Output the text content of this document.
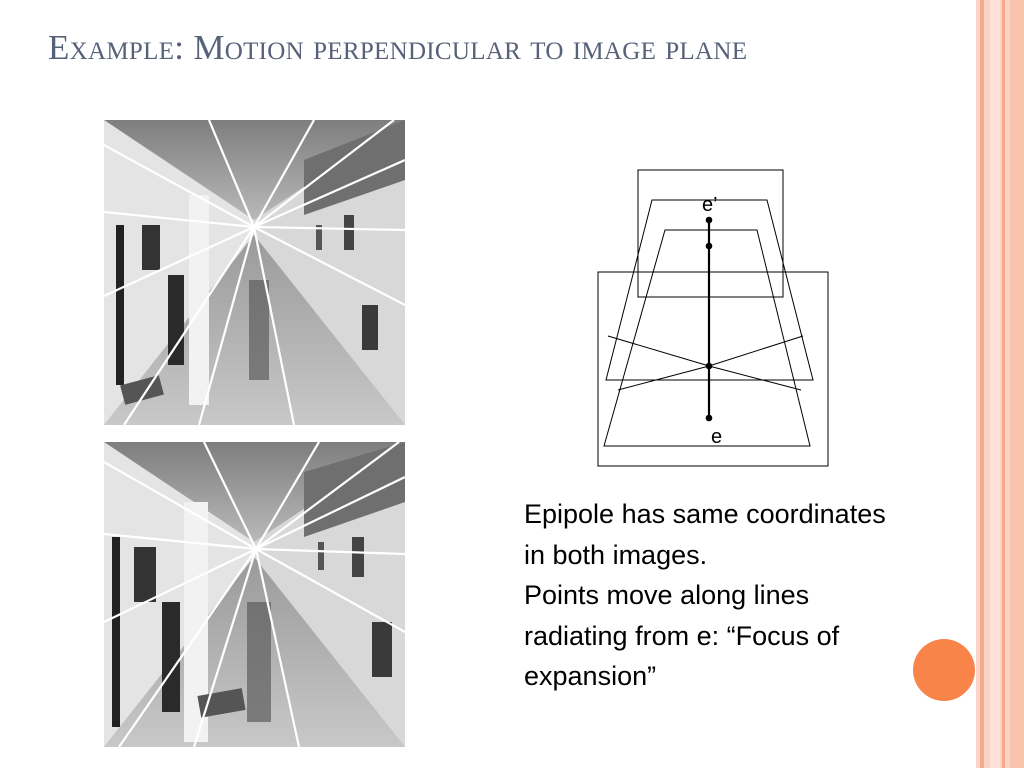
Example: Motion perpendicular to image plane
e’
e

Epipole has same coordinates

in both images.

Points move along lines

radiating from e: “Focus of

expansion”
